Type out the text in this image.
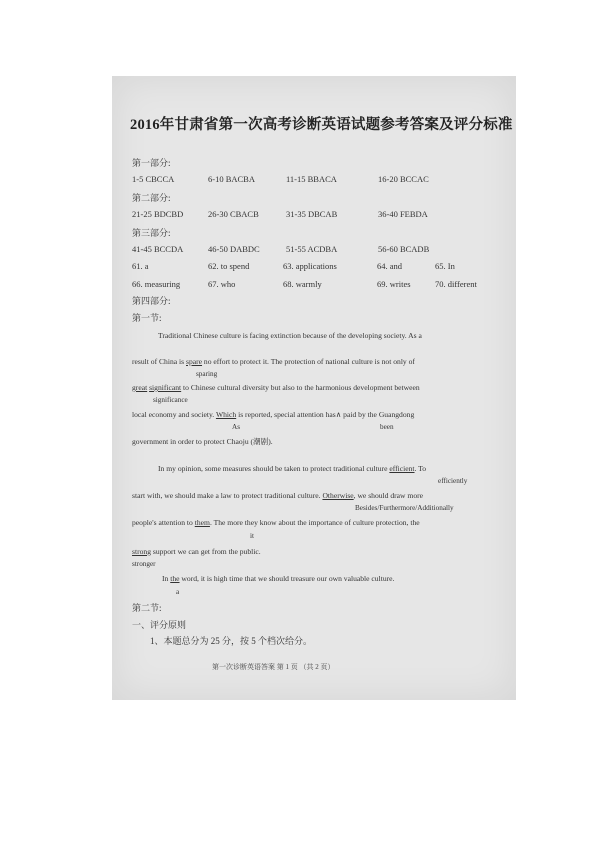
2016年甘肃省第一次高考诊断英语试题参考答案及评分标准
第一部分:
1-5 CBCCA	6-10 BACBA	11-15 BBACA	16-20 BCCAC
第二部分:
21-25 BDCBD	26-30 CBACB	31-35 DBCAB	36-40 FEBDA
第三部分:
41-45 BCCDA	46-50 DABDC	51-55 ACDBA	56-60 BCADB
61. a	62. to spend	63. applications	64. and	65. In
66. measuring	67. who	68. warmly	69. writes	70. different
第四部分:
第一节:
Traditional Chinese culture is facing extinction because of the developing society. As a
result of China is spare no effort to protect it. The protection of national culture is not only of
sparing
great significant to Chinese cultural diversity but also to the harmonious development between
significance
local economy and society. Which is reported, special attention has∧ paid by the Guangdong
As	been
government in order to protect Chaoju (潮剧).
In my opinion, some measures should be taken to protect traditional culture efficient. To
efficiently
start with, we should make a law to protect traditional culture. Otherwise, we should draw more
Besides/Furthermore/Additionally
people's attention to them. The more they know about the importance of culture protection, the
it
strong support we can get from the public.
stronger
In the word, it is high time that we should treasure our own valuable culture.
a
第二节:
一、评分原则
1、本题总分为 25 分，按 5 个档次给分。
第一次诊断英语答案 第 1 页 （共 2 页）
